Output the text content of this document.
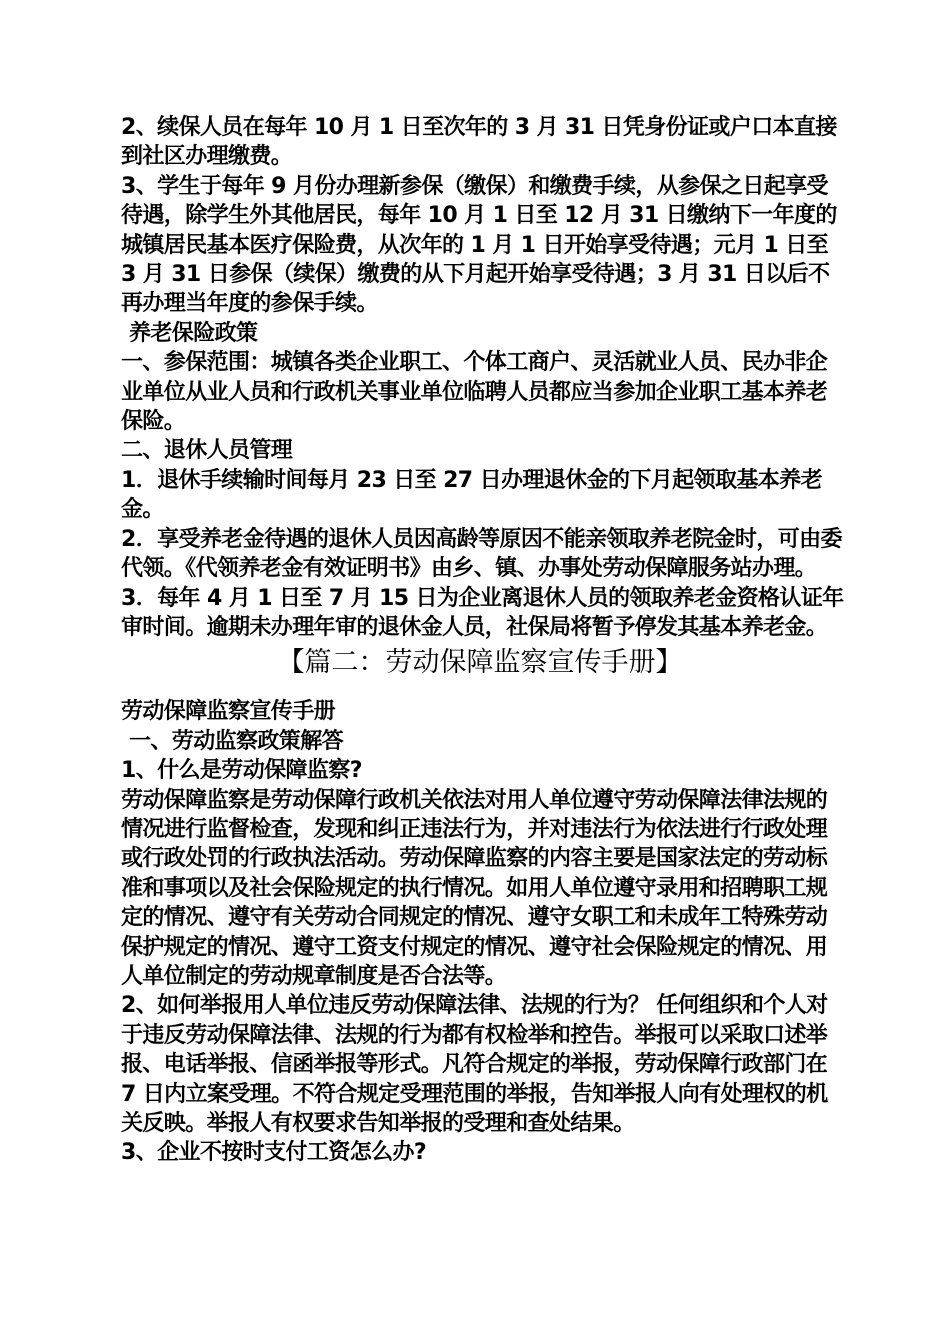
2、续保人员在每年 10 月 1 日至次年的 3 月 31 日凭身份证或户口本直接到社区办理缴费。

3、学生于每年 9 月份办理新参保（缴保）和缴费手续，从参保之日起享受待遇，除学生外其他居民，每年 10 月 1 日至 12 月 31 日缴纳下一年度的城镇居民基本医疗保险费，从次年的 1 月 1 日开始享受待遇；元月 1 日至 3 月 31 日参保（续保）缴费的从下月起开始享受待遇；3 月 31 日以后不再办理当年度的参保手续。

养老保险政策

一、参保范围：城镇各类企业职工、个体工商户、灵活就业人员、民办非企业单位从业人员和行政机关事业单位临聘人员都应当参加企业职工基本养老保险。

二、退休人员管理

1．退休手续输时间每月 23 日至 27 日办理退休金的下月起领取基本养老金。

2．享受养老金待遇的退休人员因高龄等原因不能亲领取养老院金时，可由委代领。《代领养老金有效证明书》由乡、镇、办事处劳动保障服务站办理。

3．每年 4 月 1 日至 7 月 15 日为企业离退休人员的领取养老金资格认证年审时间。逾期未办理年审的退休金人员，社保局将暂予停发其基本养老金。

【篇二：劳动保障监察宣传手册】

劳动保障监察宣传手册

一、劳动监察政策解答

1、什么是劳动保障监察?

劳动保障监察是劳动保障行政机关依法对用人单位遵守劳动保障法律法规的情况进行监督检查，发现和纠正违法行为，并对违法行为依法进行行政处理或行政处罚的行政执法活动。劳动保障监察的内容主要是国家法定的劳动标准和事项以及社会保险规定的执行情况。如用人单位遵守录用和招聘职工规定的情况、遵守有关劳动合同规定的情况、遵守女职工和未成年工特殊劳动保护规定的情况、遵守工资支付规定的情况、遵守社会保险规定的情况、用人单位制定的劳动规章制度是否合法等。

2、如何举报用人单位违反劳动保障法律、法规的行为？ 任何组织和个人对于违反劳动保障法律、法规的行为都有权检举和控告。举报可以采取口述举报、电话举报、信函举报等形式。凡符合规定的举报，劳动保障行政部门在 7 日内立案受理。不符合规定受理范围的举报，告知举报人向有处理权的机关反映。举报人有权要求告知举报的受理和查处结果。

3、企业不按时支付工资怎么办?
